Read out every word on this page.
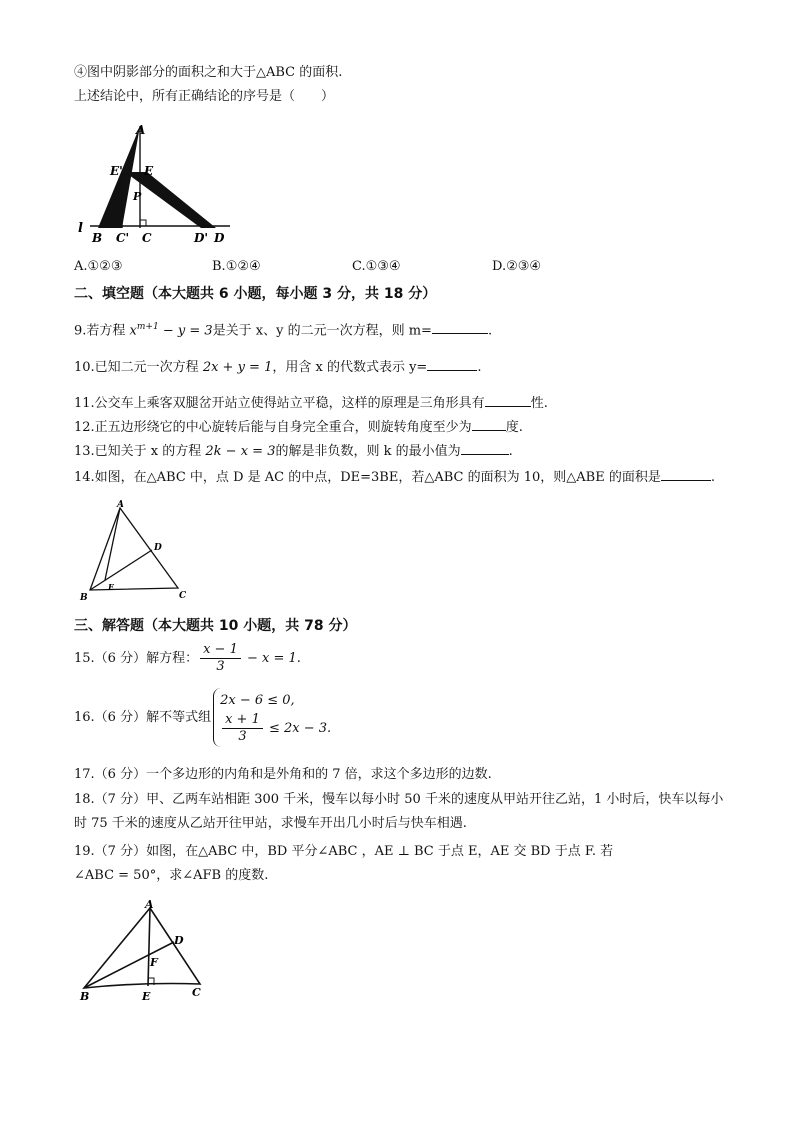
④图中阴影部分的面积之和大于△ABC 的面积.
上述结论中，所有正确结论的序号是（　　）
A
E' E
P
l
B C' C	D' D
A.①②③	B.①②④	C.①③④	D.②③④
二、填空题（本大题共 6 小题，每小题 3 分，共 18 分）
9.若方程 $x^{m+1} - y = 3$是关于 x、y 的二元一次方程，则 m=	.
10.已知二元一次方程 2x + y = 1，用含 x 的代数式表示 y=	.
11.公交车上乘客双腿岔开站立使得站立平稳，这样的原理是三角形具有	性.
12.正五边形绕它的中心旋转后能与自身完全重合，则旋转角度至少为	度.
13.已知关于 x 的方程 2k − x = 3的解是非负数，则 k 的最小值为	.
14.如图，在△ABC 中，点 D 是 AC 的中点，DE=3BE，若△ABC 的面积为 10，则△ABE 的面积是	.
A
B	C
D
E
三、解答题（本大题共 10 小题，共 78 分）
15.（6 分）解方程： $\frac{x - 1}{3} - x = 1$.
16.（6 分）解不等式组
2x − 6 ≤ 0,
$\frac{x + 1}{3} \le 2x - 3$.
17.（6 分）一个多边形的内角和是外角和的 7 倍，求这个多边形的边数.
18.（7 分）甲、乙两车站相距 300 千米，慢车以每小时 50 千米的速度从甲站开往乙站，1 小时后，快车以每小时 75 千米的速度从乙站开往甲站，求慢车开出几小时后与快车相遇.
19.（7 分）如图，在△ABC 中，BD 平分∠ABC ，AE ⊥ BC 于点 E，AE 交 BD 于点 F. 若
∠ABC = 50°，求∠AFB 的度数.
A
B	C
D
E
F
